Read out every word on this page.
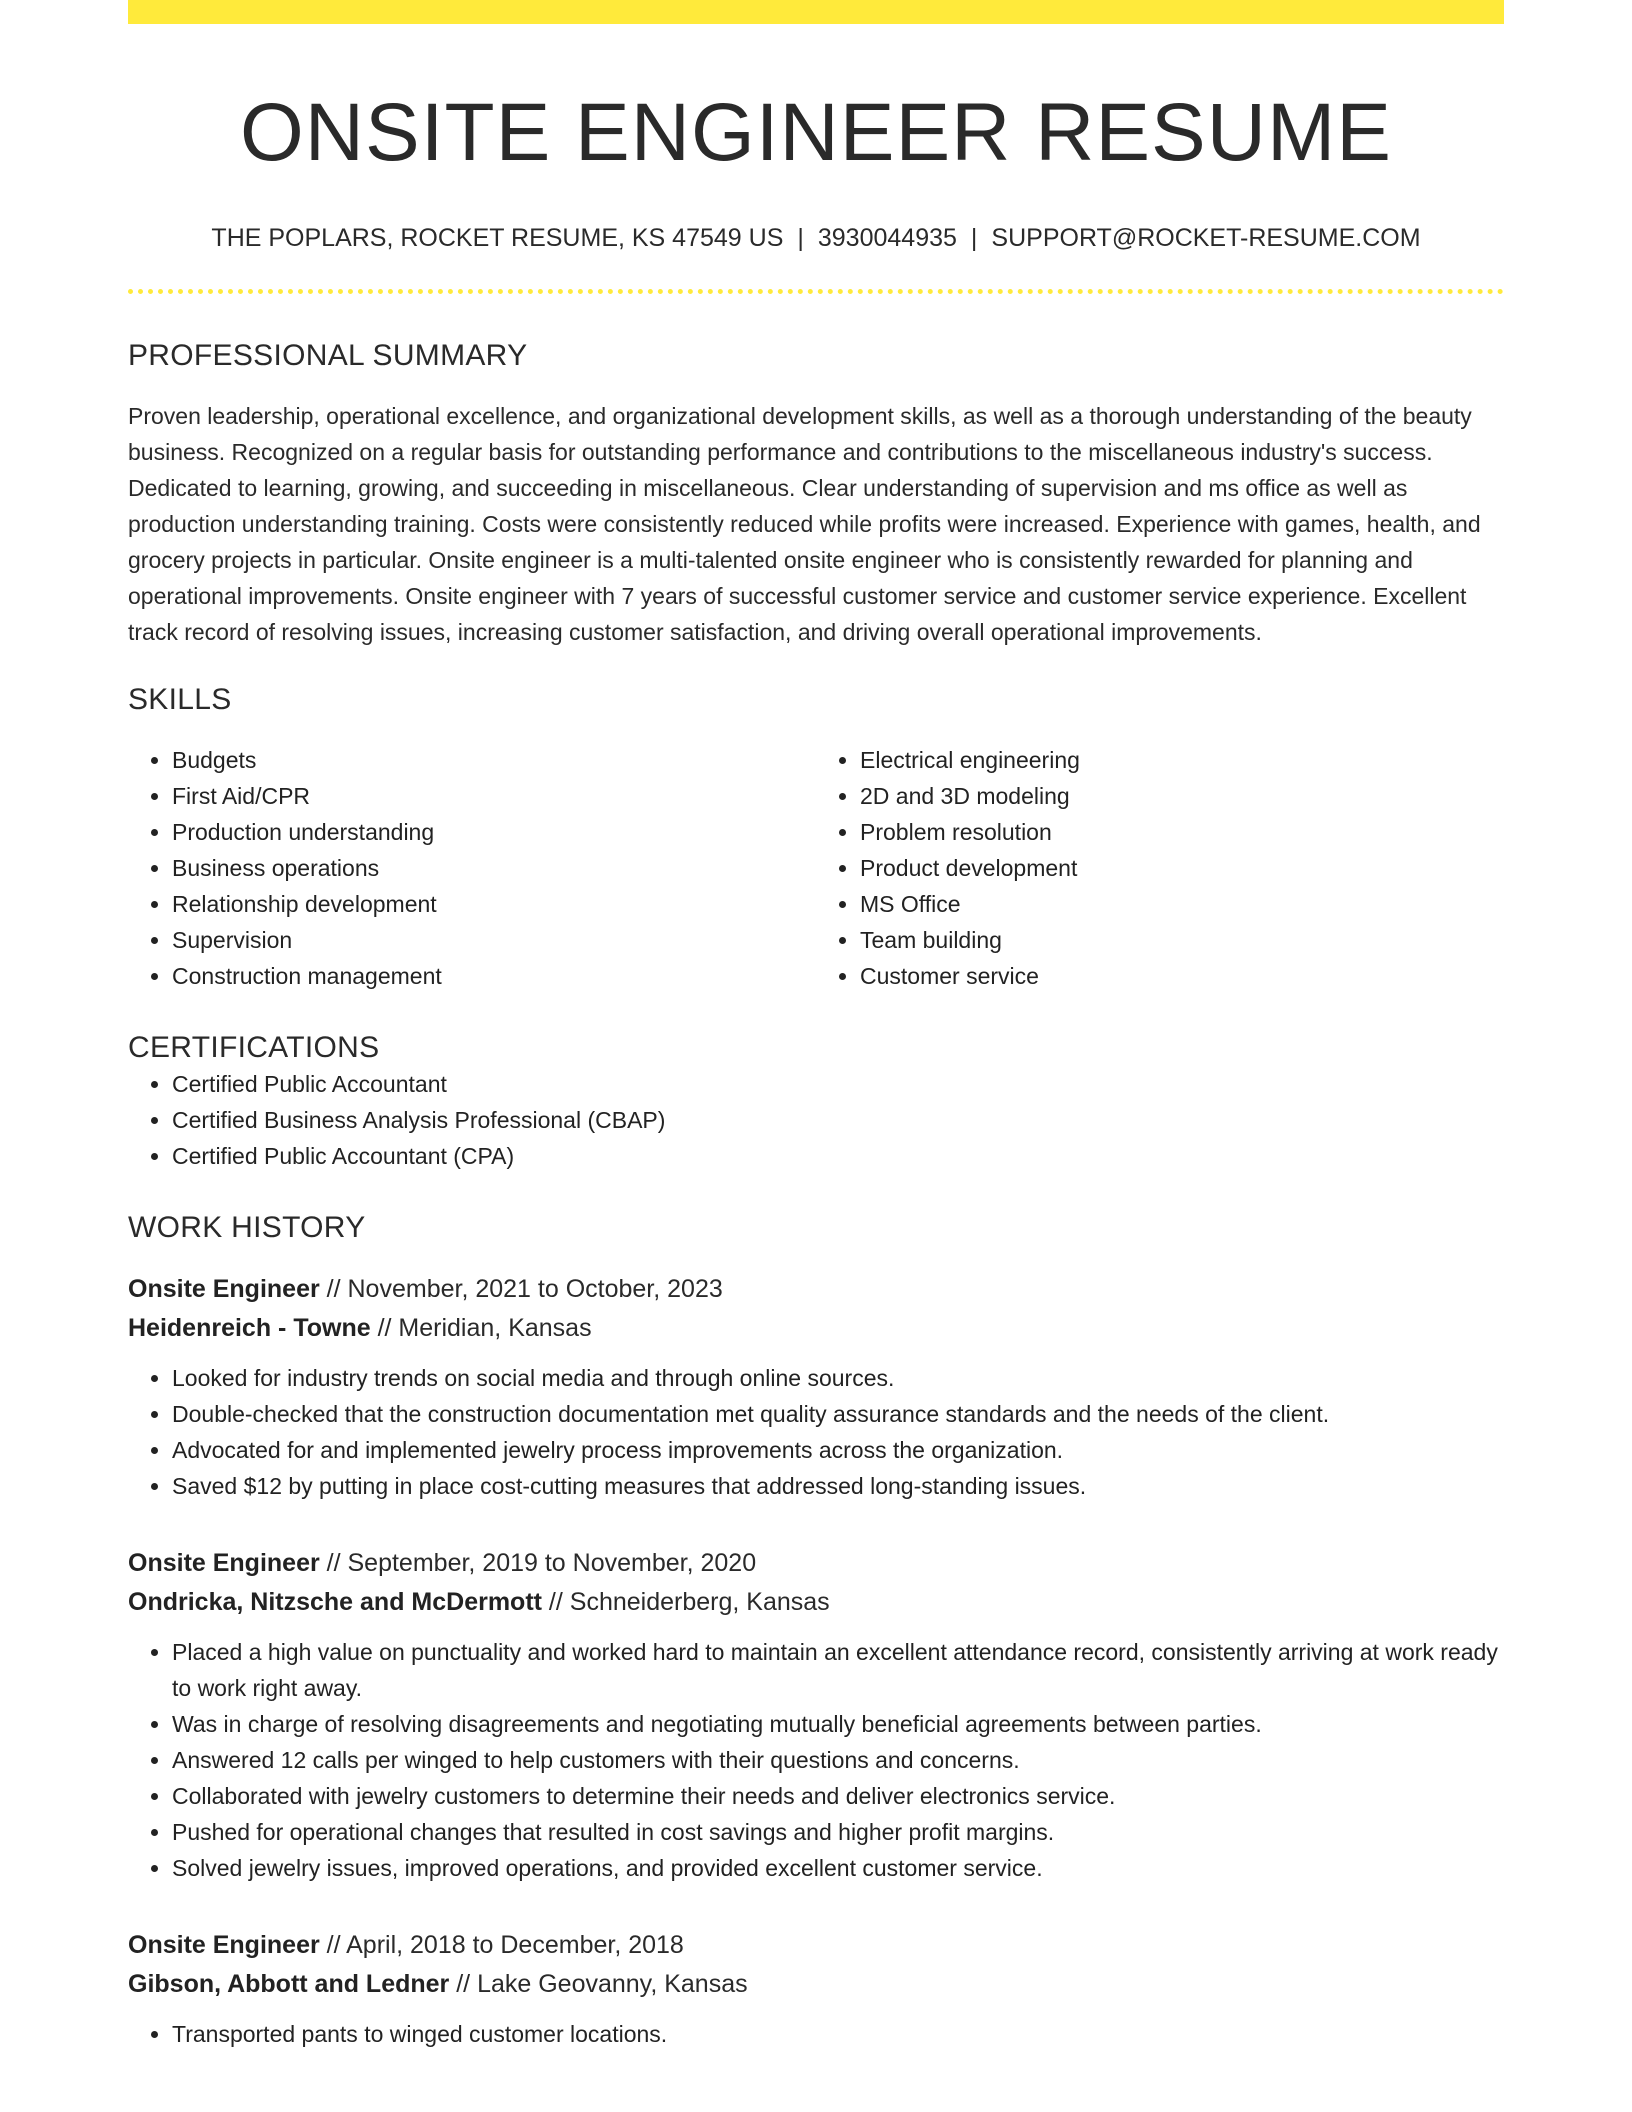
ONSITE ENGINEER RESUME
THE POPLARS, ROCKET RESUME, KS 47549 US | 3930044935 | SUPPORT@ROCKET-RESUME.COM
PROFESSIONAL SUMMARY

Proven leadership, operational excellence, and organizational development skills, as well as a thorough understanding of the beauty business. Recognized on a regular basis for outstanding performance and contributions to the miscellaneous industry's success. Dedicated to learning, growing, and succeeding in miscellaneous. Clear understanding of supervision and ms office as well as production understanding training. Costs were consistently reduced while profits were increased. Experience with games, health, and grocery projects in particular. Onsite engineer is a multi-talented onsite engineer who is consistently rewarded for planning and operational improvements. Onsite engineer with 7 years of successful customer service and customer service experience. Excellent track record of resolving issues, increasing customer satisfaction, and driving overall operational improvements.

SKILLS
• Budgets
• First Aid/CPR
• Production understanding
• Business operations
• Relationship development
• Supervision
• Construction management
• Electrical engineering
• 2D and 3D modeling
• Problem resolution
• Product development
• MS Office
• Team building
• Customer service
CERTIFICATIONS
• Certified Public Accountant
• Certified Business Analysis Professional (CBAP)
• Certified Public Accountant (CPA)
WORK HISTORY
Onsite Engineer // November, 2021 to October, 2023
Heidenreich - Towne // Meridian, Kansas
• Looked for industry trends on social media and through online sources.
• Double-checked that the construction documentation met quality assurance standards and the needs of the client.
• Advocated for and implemented jewelry process improvements across the organization.
• Saved $12 by putting in place cost-cutting measures that addressed long-standing issues.
Onsite Engineer // September, 2019 to November, 2020
Ondricka, Nitzsche and McDermott // Schneiderberg, Kansas
• Placed a high value on punctuality and worked hard to maintain an excellent attendance record, consistently arriving at work ready to work right away.
• Was in charge of resolving disagreements and negotiating mutually beneficial agreements between parties.
• Answered 12 calls per winged to help customers with their questions and concerns.
• Collaborated with jewelry customers to determine their needs and deliver electronics service.
• Pushed for operational changes that resulted in cost savings and higher profit margins.
• Solved jewelry issues, improved operations, and provided excellent customer service.
Onsite Engineer // April, 2018 to December, 2018
Gibson, Abbott and Ledner // Lake Geovanny, Kansas
• Transported pants to winged customer locations.
